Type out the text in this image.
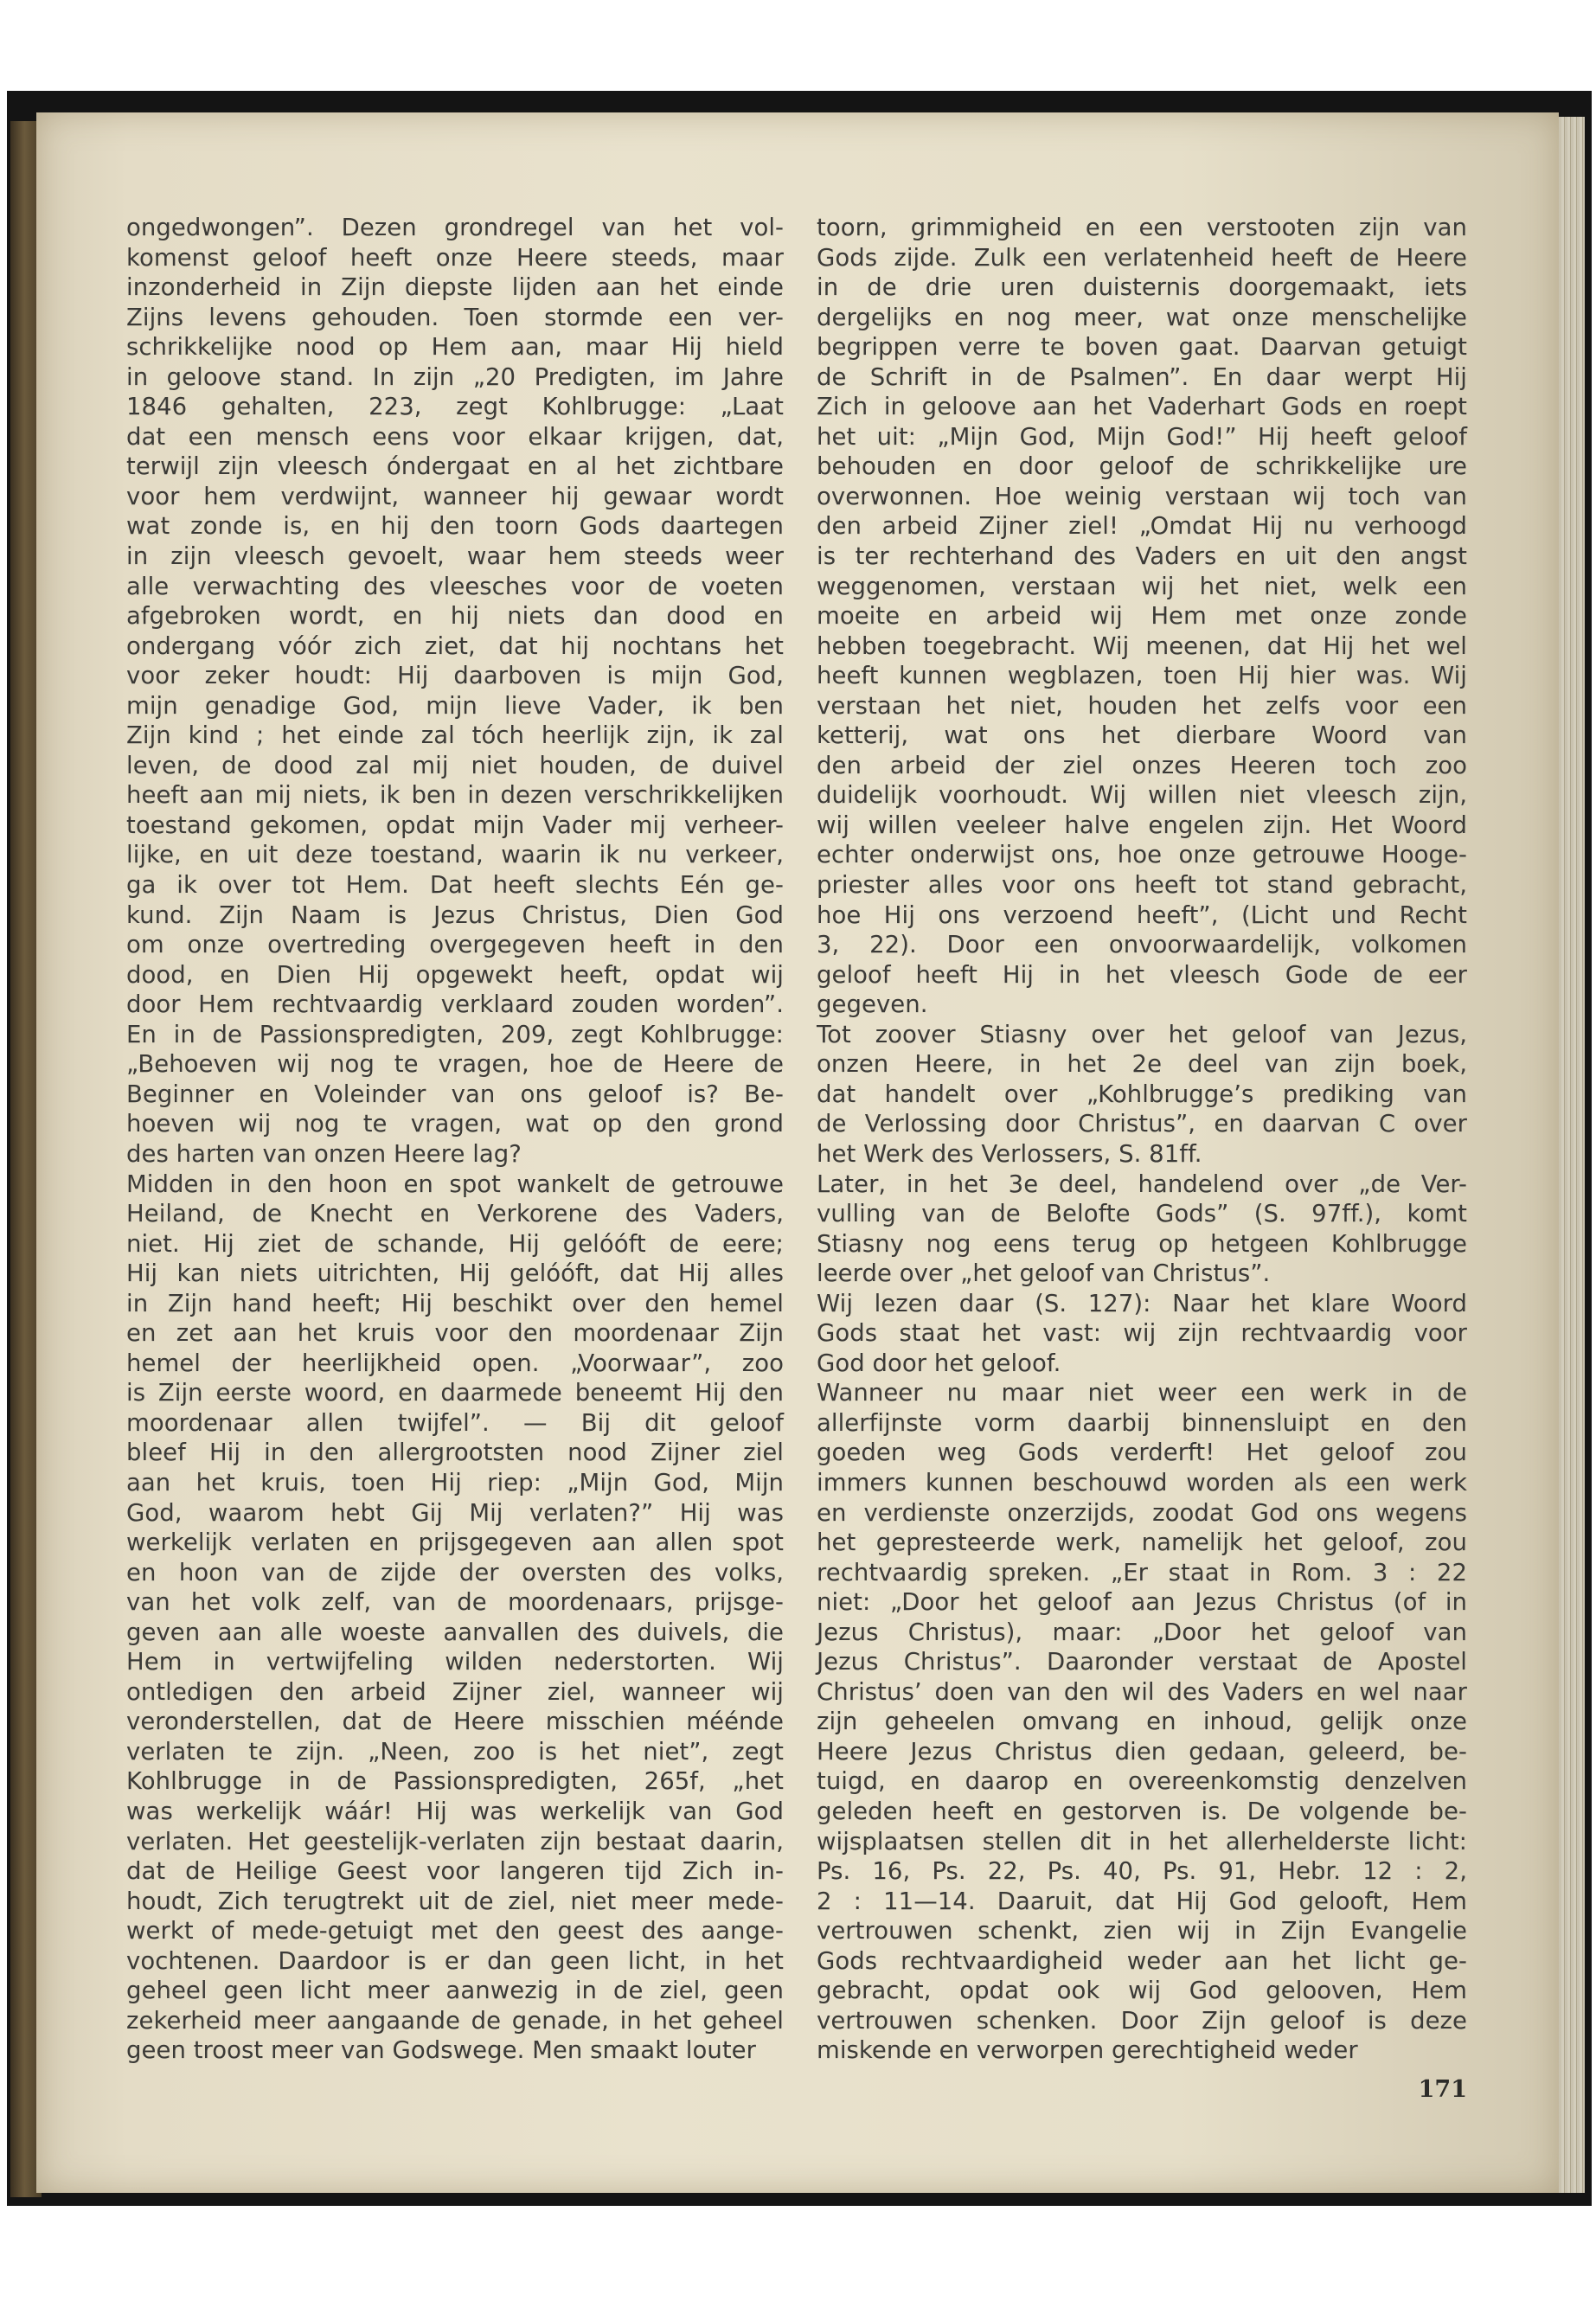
ongedwongen”. Dezen grondregel van het vol-
komenst geloof heeft onze Heere steeds, maar
inzonderheid in Zijn diepste lijden aan het einde
Zijns levens gehouden. Toen stormde een ver-
schrikkelijke nood op Hem aan, maar Hij hield
in geloove stand. In zijn „20 Predigten, im Jahre
1846 gehalten, 223, zegt Kohlbrugge: „Laat
dat een mensch eens voor elkaar krijgen, dat,
terwijl zijn vleesch óndergaat en al het zichtbare
voor hem verdwijnt, wanneer hij gewaar wordt
wat zonde is, en hij den toorn Gods daartegen
in zijn vleesch gevoelt, waar hem steeds weer
alle verwachting des vleesches voor de voeten
afgebroken wordt, en hij niets dan dood en
ondergang vóór zich ziet, dat hij nochtans het
voor zeker houdt: Hij daarboven is mijn God,
mijn genadige God, mijn lieve Vader, ik ben
Zijn kind ; het einde zal tóch heerlijk zijn, ik zal
leven, de dood zal mij niet houden, de duivel
heeft aan mij niets, ik ben in dezen verschrikkelijken
toestand gekomen, opdat mijn Vader mij verheer-
lijke, en uit deze toestand, waarin ik nu verkeer,
ga ik over tot Hem. Dat heeft slechts Eén ge-
kund. Zijn Naam is Jezus Christus, Dien God
om onze overtreding overgegeven heeft in den
dood, en Dien Hij opgewekt heeft, opdat wij
door Hem rechtvaardig verklaard zouden worden”.
En in de Passionspredigten, 209, zegt Kohlbrugge:
„Behoeven wij nog te vragen, hoe de Heere de
Beginner en Voleinder van ons geloof is? Be-
hoeven wij nog te vragen, wat op den grond
des harten van onzen Heere lag?
Midden in den hoon en spot wankelt de getrouwe
Heiland, de Knecht en Verkorene des Vaders,
niet. Hij ziet de schande, Hij gelóóft de eere;
Hij kan niets uitrichten, Hij gelóóft, dat Hij alles
in Zijn hand heeft; Hij beschikt over den hemel
en zet aan het kruis voor den moordenaar Zijn
hemel der heerlijkheid open. „Voorwaar”, zoo
is Zijn eerste woord, en daarmede beneemt Hij den
moordenaar allen twijfel”. — Bij dit geloof
bleef Hij in den allergrootsten nood Zijner ziel
aan het kruis, toen Hij riep: „Mijn God, Mijn
God, waarom hebt Gij Mij verlaten?” Hij was
werkelijk verlaten en prijsgegeven aan allen spot
en hoon van de zijde der oversten des volks,
van het volk zelf, van de moordenaars, prijsge-
geven aan alle woeste aanvallen des duivels, die
Hem in vertwijfeling wilden nederstorten. Wij
ontledigen den arbeid Zijner ziel, wanneer wij
veronderstellen, dat de Heere misschien méénde
verlaten te zijn. „Neen, zoo is het niet”, zegt
Kohlbrugge in de Passionspredigten, 265f, „het
was werkelijk wáár! Hij was werkelijk van God
verlaten. Het geestelijk-verlaten zijn bestaat daarin,
dat de Heilige Geest voor langeren tijd Zich in-
houdt, Zich terugtrekt uit de ziel, niet meer mede-
werkt of mede-getuigt met den geest des aange-
vochtenen. Daardoor is er dan geen licht, in het
geheel geen licht meer aanwezig in de ziel, geen
zekerheid meer aangaande de genade, in het geheel
geen troost meer van Godswege. Men smaakt louter
toorn, grimmigheid en een verstooten zijn van
Gods zijde. Zulk een verlatenheid heeft de Heere
in de drie uren duisternis doorgemaakt, iets
dergelijks en nog meer, wat onze menschelijke
begrippen verre te boven gaat. Daarvan getuigt
de Schrift in de Psalmen”. En daar werpt Hij
Zich in geloove aan het Vaderhart Gods en roept
het uit: „Mijn God, Mijn God!” Hij heeft geloof
behouden en door geloof de schrikkelijke ure
overwonnen. Hoe weinig verstaan wij toch van
den arbeid Zijner ziel! „Omdat Hij nu verhoogd
is ter rechterhand des Vaders en uit den angst
weggenomen, verstaan wij het niet, welk een
moeite en arbeid wij Hem met onze zonde
hebben toegebracht. Wij meenen, dat Hij het wel
heeft kunnen wegblazen, toen Hij hier was. Wij
verstaan het niet, houden het zelfs voor een
ketterij, wat ons het dierbare Woord van
den arbeid der ziel onzes Heeren toch zoo
duidelijk voorhoudt. Wij willen niet vleesch zijn,
wij willen veeleer halve engelen zijn. Het Woord
echter onderwijst ons, hoe onze getrouwe Hooge-
priester alles voor ons heeft tot stand gebracht,
hoe Hij ons verzoend heeft”, (Licht und Recht
3, 22). Door een onvoorwaardelijk, volkomen
geloof heeft Hij in het vleesch Gode de eer
gegeven.
Tot zoover Stiasny over het geloof van Jezus,
onzen Heere, in het 2e deel van zijn boek,
dat handelt over „Kohlbrugge’s prediking van
de Verlossing door Christus”, en daarvan C over
het Werk des Verlossers, S. 81ff.
Later, in het 3e deel, handelend over „de Ver-
vulling van de Belofte Gods” (S. 97ff.), komt
Stiasny nog eens terug op hetgeen Kohlbrugge
leerde over „het geloof van Christus”.
Wij lezen daar (S. 127): Naar het klare Woord
Gods staat het vast: wij zijn rechtvaardig voor
God door het geloof.
Wanneer nu maar niet weer een werk in de
allerfijnste vorm daarbij binnensluipt en den
goeden weg Gods verderft! Het geloof zou
immers kunnen beschouwd worden als een werk
en verdienste onzerzijds, zoodat God ons wegens
het gepresteerde werk, namelijk het geloof, zou
rechtvaardig spreken. „Er staat in Rom. 3 : 22
niet: „Door het geloof aan Jezus Christus (of in
Jezus Christus), maar: „Door het geloof van
Jezus Christus”. Daaronder verstaat de Apostel
Christus’ doen van den wil des Vaders en wel naar
zijn geheelen omvang en inhoud, gelijk onze
Heere Jezus Christus dien gedaan, geleerd, be-
tuigd, en daarop en overeenkomstig denzelven
geleden heeft en gestorven is. De volgende be-
wijsplaatsen stellen dit in het allerhelderste licht:
Ps. 16, Ps. 22, Ps. 40, Ps. 91, Hebr. 12 : 2,
2 : 11—14. Daaruit, dat Hij God gelooft, Hem
vertrouwen schenkt, zien wij in Zijn Evangelie
Gods rechtvaardigheid weder aan het licht ge-
gebracht, opdat ook wij God gelooven, Hem
vertrouwen schenken. Door Zijn geloof is deze
miskende en verworpen gerechtigheid weder
171
